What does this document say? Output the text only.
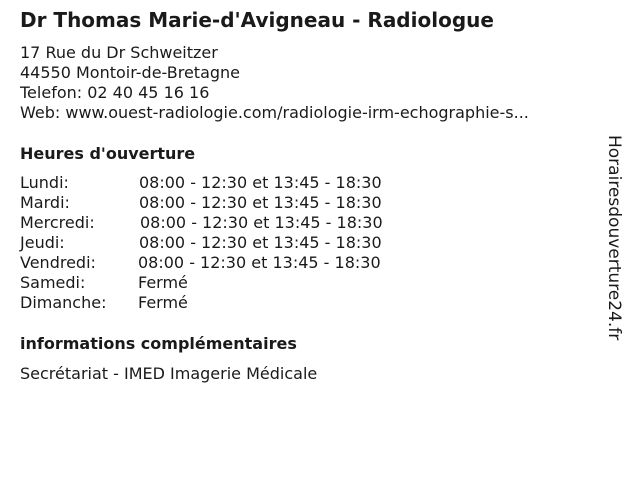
Dr Thomas Marie-d'Avigneau - Radiologue
17 Rue du Dr Schweitzer
44550 Montoir-de-Bretagne
Telefon: 02 40 45 16 16
Web: www.ouest-radiologie.com/radiologie-irm-echographie-s...
Heures d'ouverture
Lundi:	08:00 - 12:30 et 13:45 - 18:30
Mardi:	08:00 - 12:30 et 13:45 - 18:30
Mercredi:	08:00 - 12:30 et 13:45 - 18:30
Jeudi:	08:00 - 12:30 et 13:45 - 18:30
Vendredi:	08:00 - 12:30 et 13:45 - 18:30
Samedi:	Fermé
Dimanche: Fermé
informations complémentaires
Secrétariat - IMED Imagerie Médicale
Horairesdouverture24.fr
